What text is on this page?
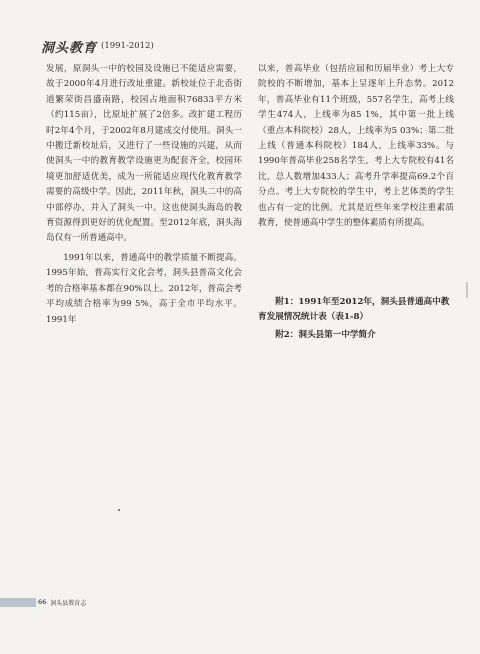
洞头教育 (1991-2012)

发展，原洞头一中的校园及设施已不能适应需要，故于2000年4月进行改址重建。新校址位于北岙街道繁荣街昌盛南路，校园占地面积76833平方米（约115亩），比原址扩展了2倍多。改扩建工程历时2年4个月，于2002年8月建成交付使用。洞头一中搬迁新校址后，又进行了一些设施的兴建，从而使洞头一中的教育教学设施更为配套齐全，校园环境更加舒适优美，成为一所能适应现代化教育教学需要的高级中学。因此，2011年秋，洞头二中的高中部停办，并入了洞头一中。这也使洞头海岛的教育资源得到更好的优化配置。至2012年底，洞头海岛仅有一所普通高中。

1991年以来，普通高中的教学质量不断提高。1995年始，普高实行文化会考，洞头县普高文化会考的合格率基本都在90%以上。2012年，普高会考平均成绩合格率为99 5%，高于全市平均水平。1991年

以来，普高毕业（包括应届和历届毕业）考上大专院校的不断增加，基本上呈逐年上升态势。2012年，普高毕业有11个班级，557名学生，高考上线学生474人，上线率为85 1%，其中第一批上线（重点本科院校）28人，上线率为5 03%；第二批上线（普通本科院校）184人，上线率33%。与1990年普高毕业258名学生，考上大专院校有41名比，总人数增加433人；高考升学率提高69.2个百分点。考上大专院校的学生中，考上艺体类的学生也占有一定的比例。尤其是近些年来学校注重素质教育，使普通高中学生的整体素质有所提高。

附1：1991年至2012年，洞头县普通高中教育发展情况统计表（表1-8）
附2：洞头县第一中学简介
66 洞头县教育志
